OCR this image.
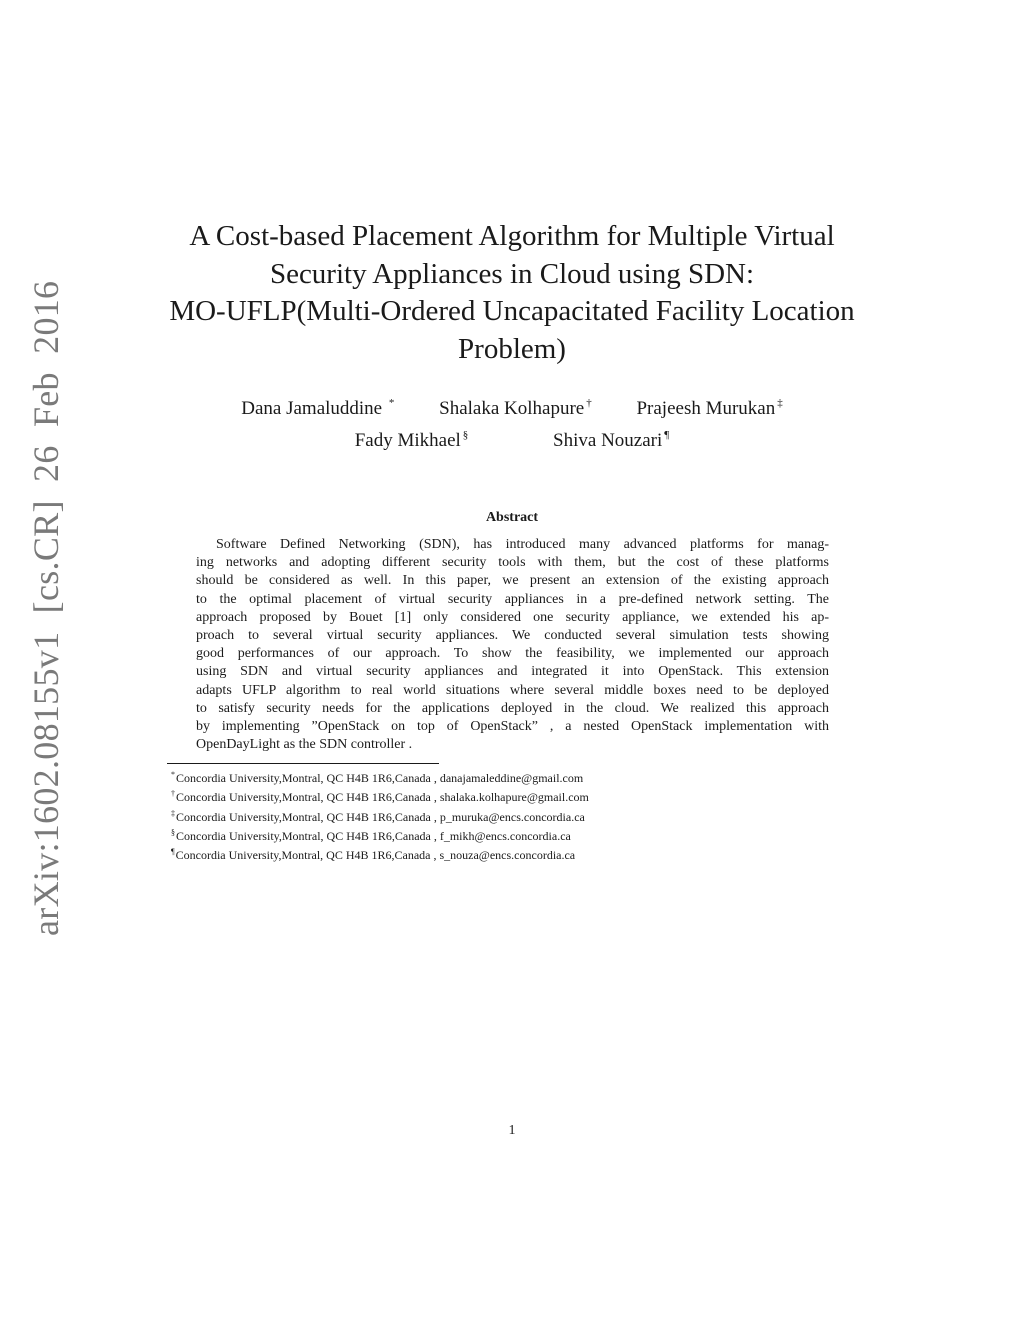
arXiv:1602.08155v1 [cs.CR] 26 Feb 2016
A Cost-based Placement Algorithm for Multiple Virtual
Security Appliances in Cloud using SDN:
MO-UFLP(Multi-Ordered Uncapacitated Facility Location
Problem)
Dana Jamaluddine * Shalaka Kolhapure † Prajeesh Murukan ‡
Fady Mikhael §	Shiva Nouzari ¶
Abstract
Software Defined Networking (SDN), has introduced many advanced platforms for manag-
ing networks and adopting different security tools with them, but the cost of these platforms
should be considered as well. In this paper, we present an extension of the existing approach
to the optimal placement of virtual security appliances in a pre-defined network setting. The
approach proposed by Bouet [1] only considered one security appliance, we extended his ap-
proach to several virtual security appliances. We conducted several simulation tests showing
good performances of our approach. To show the feasibility, we implemented our approach
using SDN and virtual security appliances and integrated it into OpenStack. This extension
adapts UFLP algorithm to real world situations where several middle boxes need to be deployed
to satisfy security needs for the applications deployed in the cloud. We realized this approach
by implementing ”OpenStack on top of OpenStack” , a nested OpenStack implementation with
OpenDayLight as the SDN controller .
*Concordia University,Montral, QC H4B 1R6,Canada , danajamaleddine@gmail.com
†Concordia University,Montral, QC H4B 1R6,Canada , shalaka.kolhapure@gmail.com
‡Concordia University,Montral, QC H4B 1R6,Canada , p_muruka@encs.concordia.ca
§Concordia University,Montral, QC H4B 1R6,Canada , f_mikh@encs.concordia.ca
¶Concordia University,Montral, QC H4B 1R6,Canada , s_nouza@encs.concordia.ca
1
